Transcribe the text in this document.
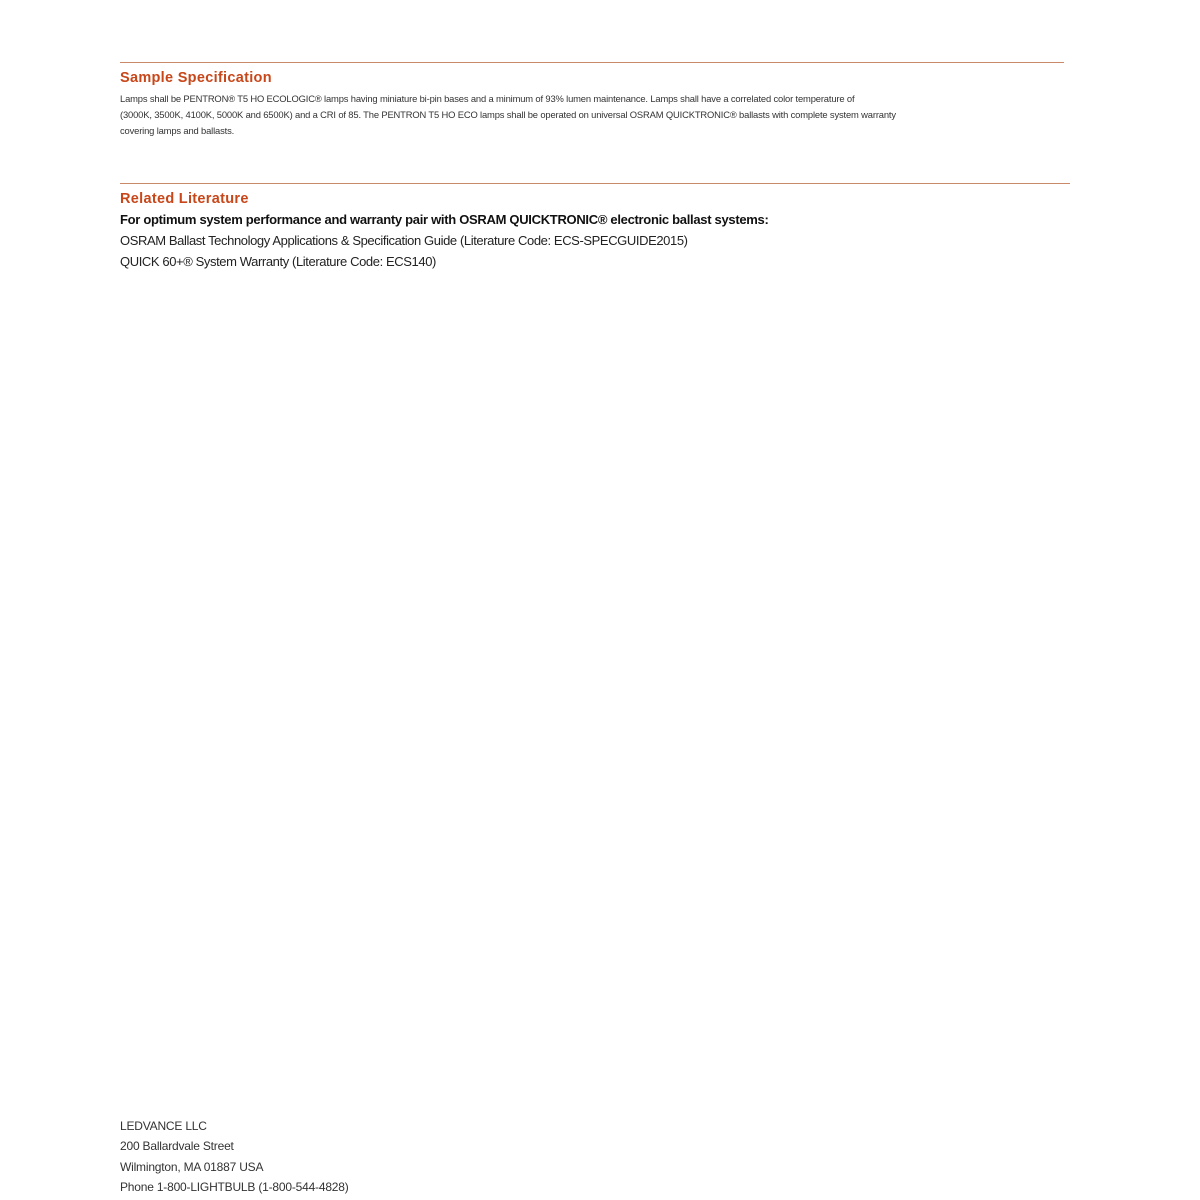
Sample Specification

Lamps shall be PENTRON® T5 HO ECOLOGIC® lamps having miniature bi-pin bases and a minimum of 93% lumen maintenance. Lamps shall have a correlated color temperature of

(3000K, 3500K, 4100K, 5000K and 6500K) and a CRI of 85. The PENTRON T5 HO ECO lamps shall be operated on universal OSRAM QUICKTRONIC® ballasts with complete system warranty

covering lamps and ballasts.

Related Literature

For optimum system performance and warranty pair with OSRAM QUICKTRONIC® electronic ballast systems:

OSRAM Ballast Technology Applications & Specification Guide (Literature Code: ECS-SPECGUIDE2015)

QUICK 60+® System Warranty (Literature Code: ECS140)

LEDVANCE LLC

200 Ballardvale Street

Wilmington, MA 01887 USA

Phone 1-800-LIGHTBULB (1-800-544-4828)
